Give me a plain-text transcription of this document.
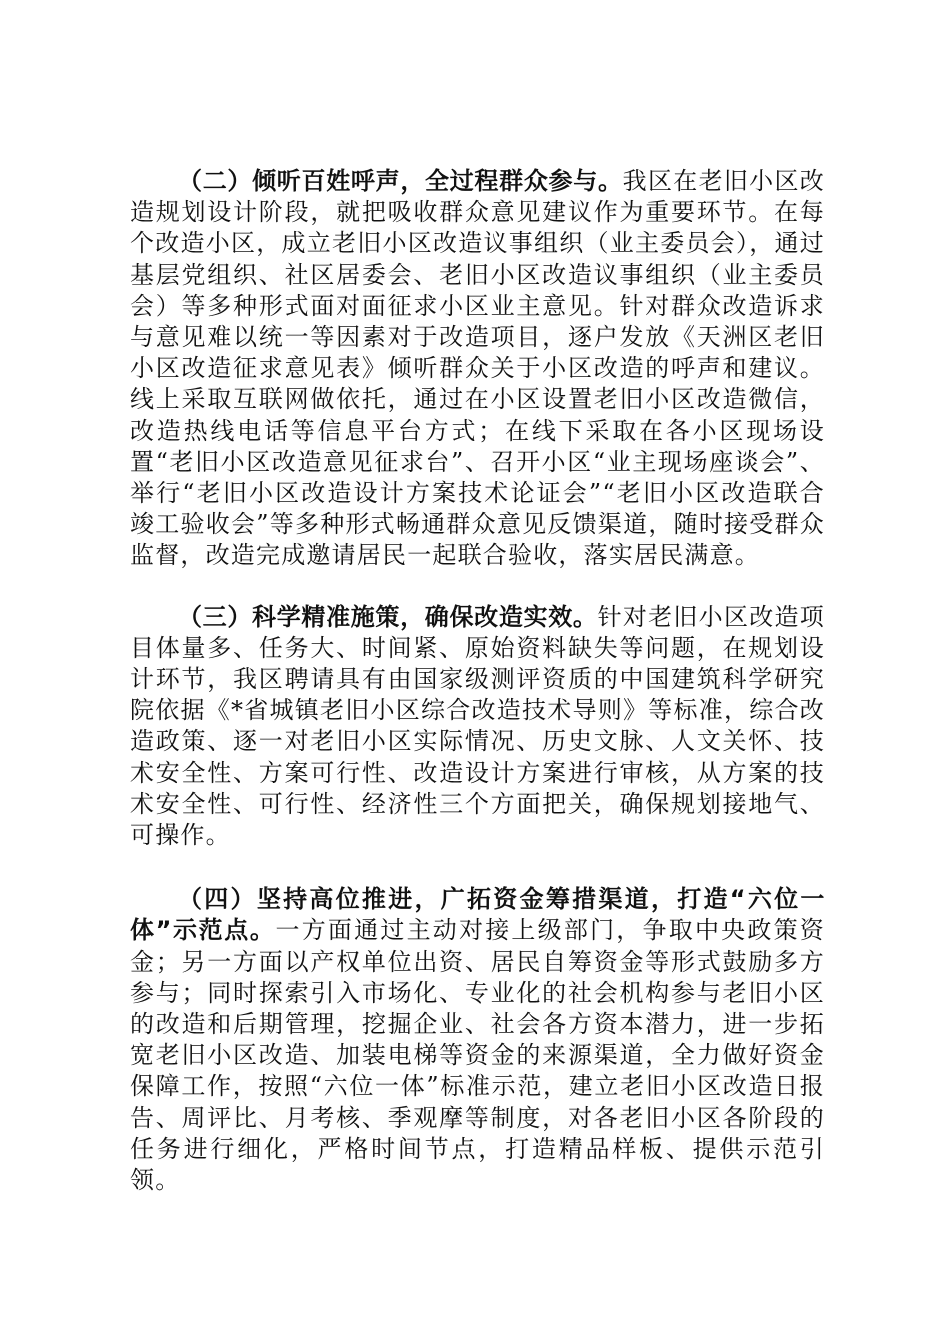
（二）倾听百姓呼声，全过程群众参与。我区在老旧小区改造规划设计阶段，就把吸收群众意见建议作为重要环节。在每个改造小区，成立老旧小区改造议事组织（业主委员会），通过基层党组织、社区居委会、老旧小区改造议事组织（业主委员会）等多种形式面对面征求小区业主意见。针对群众改造诉求与意见难以统一等因素对于改造项目，逐户发放《天洲区老旧小区改造征求意见表》倾听群众关于小区改造的呼声和建议。线上采取互联网做依托，通过在小区设置老旧小区改造微信，改造热线电话等信息平台方式；在线下采取在各小区现场设置“老旧小区改造意见征求台”、召开小区“业主现场座谈会”、举行“老旧小区改造设计方案技术论证会”“老旧小区改造联合竣工验收会”等多种形式畅通群众意见反馈渠道，随时接受群众监督，改造完成邀请居民一起联合验收，落实居民满意。

（三）科学精准施策，确保改造实效。针对老旧小区改造项目体量多、任务大、时间紧、原始资料缺失等问题，在规划设计环节，我区聘请具有由国家级测评资质的中国建筑科学研究院依据《*省城镇老旧小区综合改造技术导则》等标准，综合改造政策、逐一对老旧小区实际情况、历史文脉、人文关怀、技术安全性、方案可行性、改造设计方案进行审核，从方案的技术安全性、可行性、经济性三个方面把关，确保规划接地气、可操作。

（四）坚持高位推进，广拓资金筹措渠道，打造“六位一体”示范点。一方面通过主动对接上级部门，争取中央政策资金；另一方面以产权单位出资、居民自筹资金等形式鼓励多方参与；同时探索引入市场化、专业化的社会机构参与老旧小区的改造和后期管理，挖掘企业、社会各方资本潜力，进一步拓宽老旧小区改造、加装电梯等资金的来源渠道，全力做好资金保障工作，按照“六位一体”标准示范，建立老旧小区改造日报告、周评比、月考核、季观摩等制度，对各老旧小区各阶段的任务进行细化，严格时间节点，打造精品样板、提供示范引领。
